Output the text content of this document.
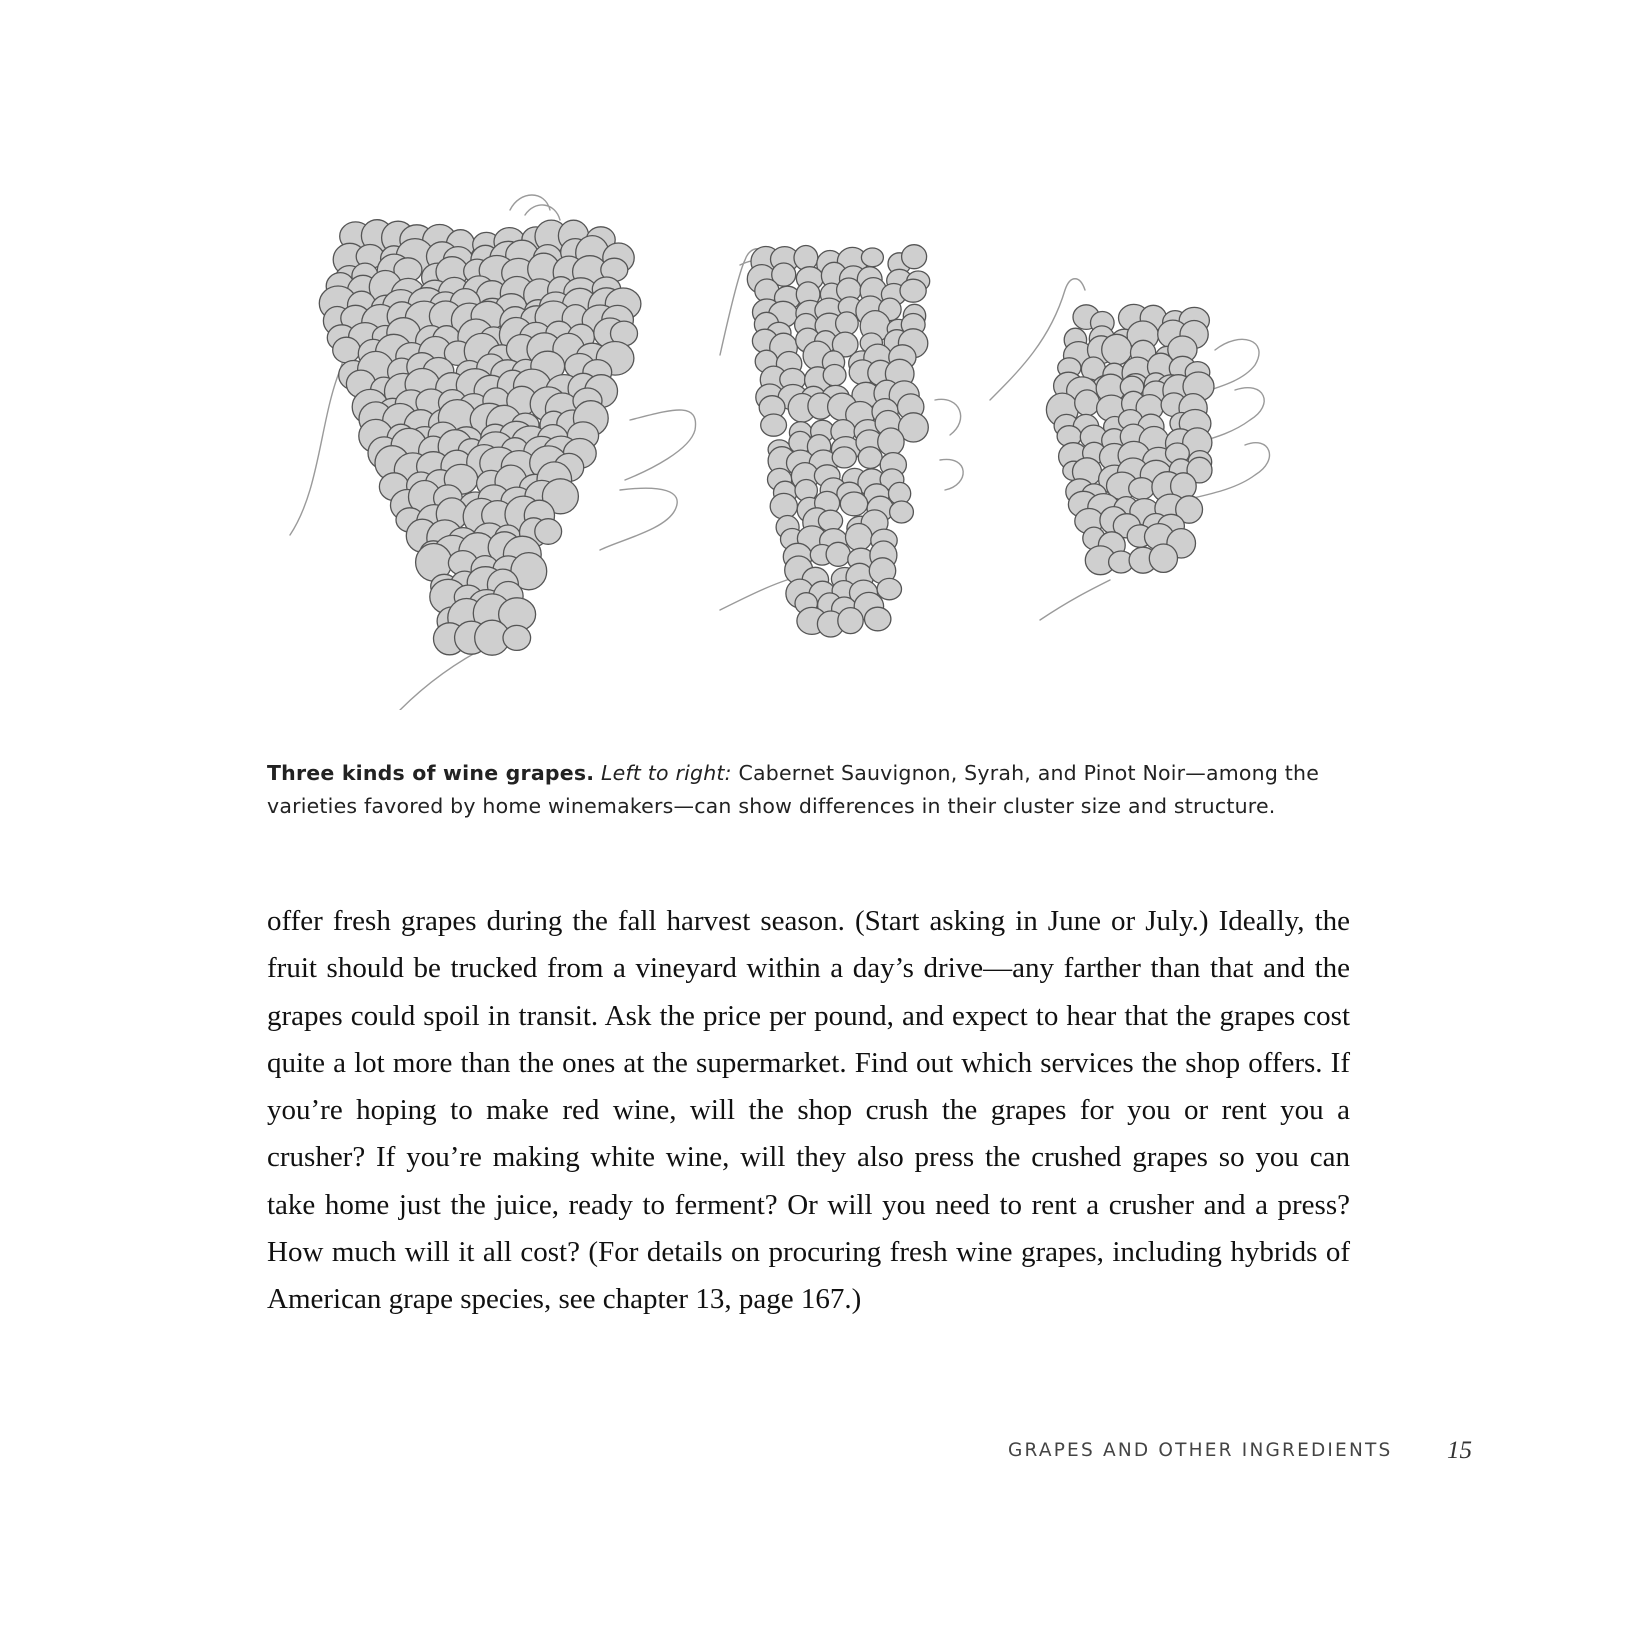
Three kinds of wine grapes. Left to right: Cabernet Sauvignon, Syrah, and Pinot Noir—among the varieties favored by home winemakers—can show differences in their cluster size and structure.

offer fresh grapes during the fall harvest season. (Start asking in June or July.) Ideally, the fruit should be trucked from a vineyard within a day’s drive—any farther than that and the grapes could spoil in transit. Ask the price per pound, and expect to hear that the grapes cost quite a lot more than the ones at the supermarket. Find out which services the shop offers. If you’re hoping to make red wine, will the shop crush the grapes for you or rent you a crusher? If you’re making white wine, will they also press the crushed grapes so you can take home just the juice, ready to ferment? Or will you need to rent a crusher and a press? How much will it all cost? (For details on procuring fresh wine grapes, including hybrids of American grape species, see chapter 13, page 167.)

GRAPES AND OTHER INGREDIENTS 15
